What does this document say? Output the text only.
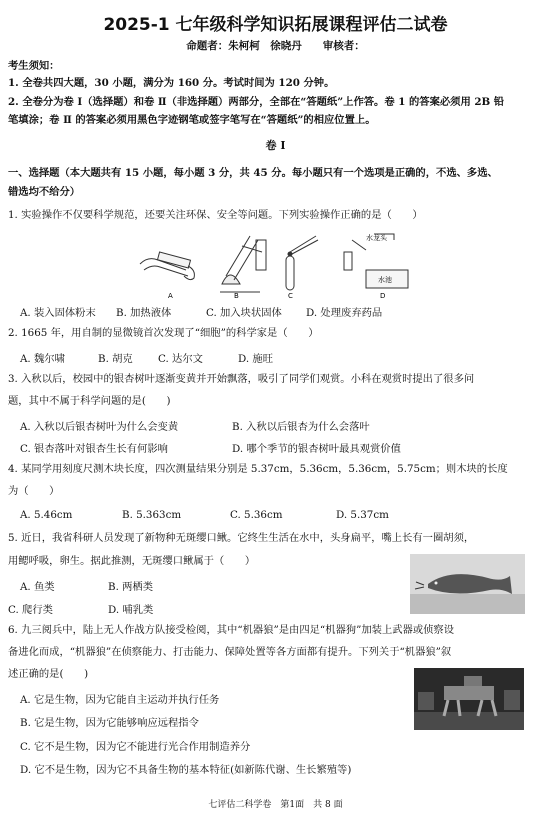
2025-1 七年级科学知识拓展课程评估二试卷
命题者：朱柯柯　徐晓丹　　审核者：
考生须知：
1. 全卷共四大题，30 小题，满分为 160 分。考试时间为 120 分钟。
2. 全卷分为卷 Ⅰ（选择题）和卷 Ⅱ（非选择题）两部分，全部在“答题纸”上作答。卷 1 的答案必须用 2B 铅
笔填涂；卷 Ⅱ 的答案必须用黑色字迹钢笔或签字笔写在“答题纸”的相应位置上。
卷 Ⅰ
一、选择题（本大题共有 15 小题，每小题 3 分，共 45 分。每小题只有一个选项是正确的，不选、多选、
错选均不给分）
1. 实验操作不仅要科学规范，还要关注环保、安全等问题。下列实验操作正确的是（　　）
A	B	C	D
水龙头
水池
A. 装入固体粉末 B. 加热液体	C. 加入块状固体 D. 处理废弃药品
2. 1665 年，用自制的显微镜首次发现了“细胞”的科学家是（　　）
A. 魏尔啸	B. 胡克 C. 达尔文	D. 施旺
3. 入秋以后，校园中的银杏树叶逐渐变黄并开始飘落，吸引了同学们观赏。小科在观赏时提出了很多问
题，其中不属于科学问题的是(　　)
A. 入秋以后银杏树叶为什么会变黄	B. 入秋以后银杏为什么会落叶
C. 银杏落叶对银杏生长有何影响	D. 哪个季节的银杏树叶最具观赏价值
4. 某同学用刻度尺测木块长度，四次测量结果分别是 5.37cm，5.36cm，5.36cm，5.75cm；则木块的长度
为（　　）
A. 5.46cm	B. 5.363cm	C. 5.36cm	D. 5.37cm
5. 近日，我省科研人员发现了新物种无斑缨口鳅。它终生生活在水中，头身扁平，嘴上长有一圈胡须，
用鳃呼吸，卵生。据此推测，无斑缨口鳅属于（　　）
A. 鱼类	B. 两栖类
C. 爬行类	D. 哺乳类
6. 九三阅兵中，陆上无人作战方队接受检阅，其中“机器狼”是由四足“机器狗”加装上武器或侦察设
备进化而成，“机器狼”在侦察能力、打击能力、保障处置等各方面都有提升。下列关于“机器狼”叙
述正确的是(　　)
A. 它是生物，因为它能自主运动并执行任务
B. 它是生物，因为它能够响应远程指令
C. 它不是生物，因为它不能进行光合作用制造养分
D. 它不是生物，因为它不具备生物的基本特征(如新陈代谢、生长繁殖等)
七评估二科学卷　第1面　共 8 面
